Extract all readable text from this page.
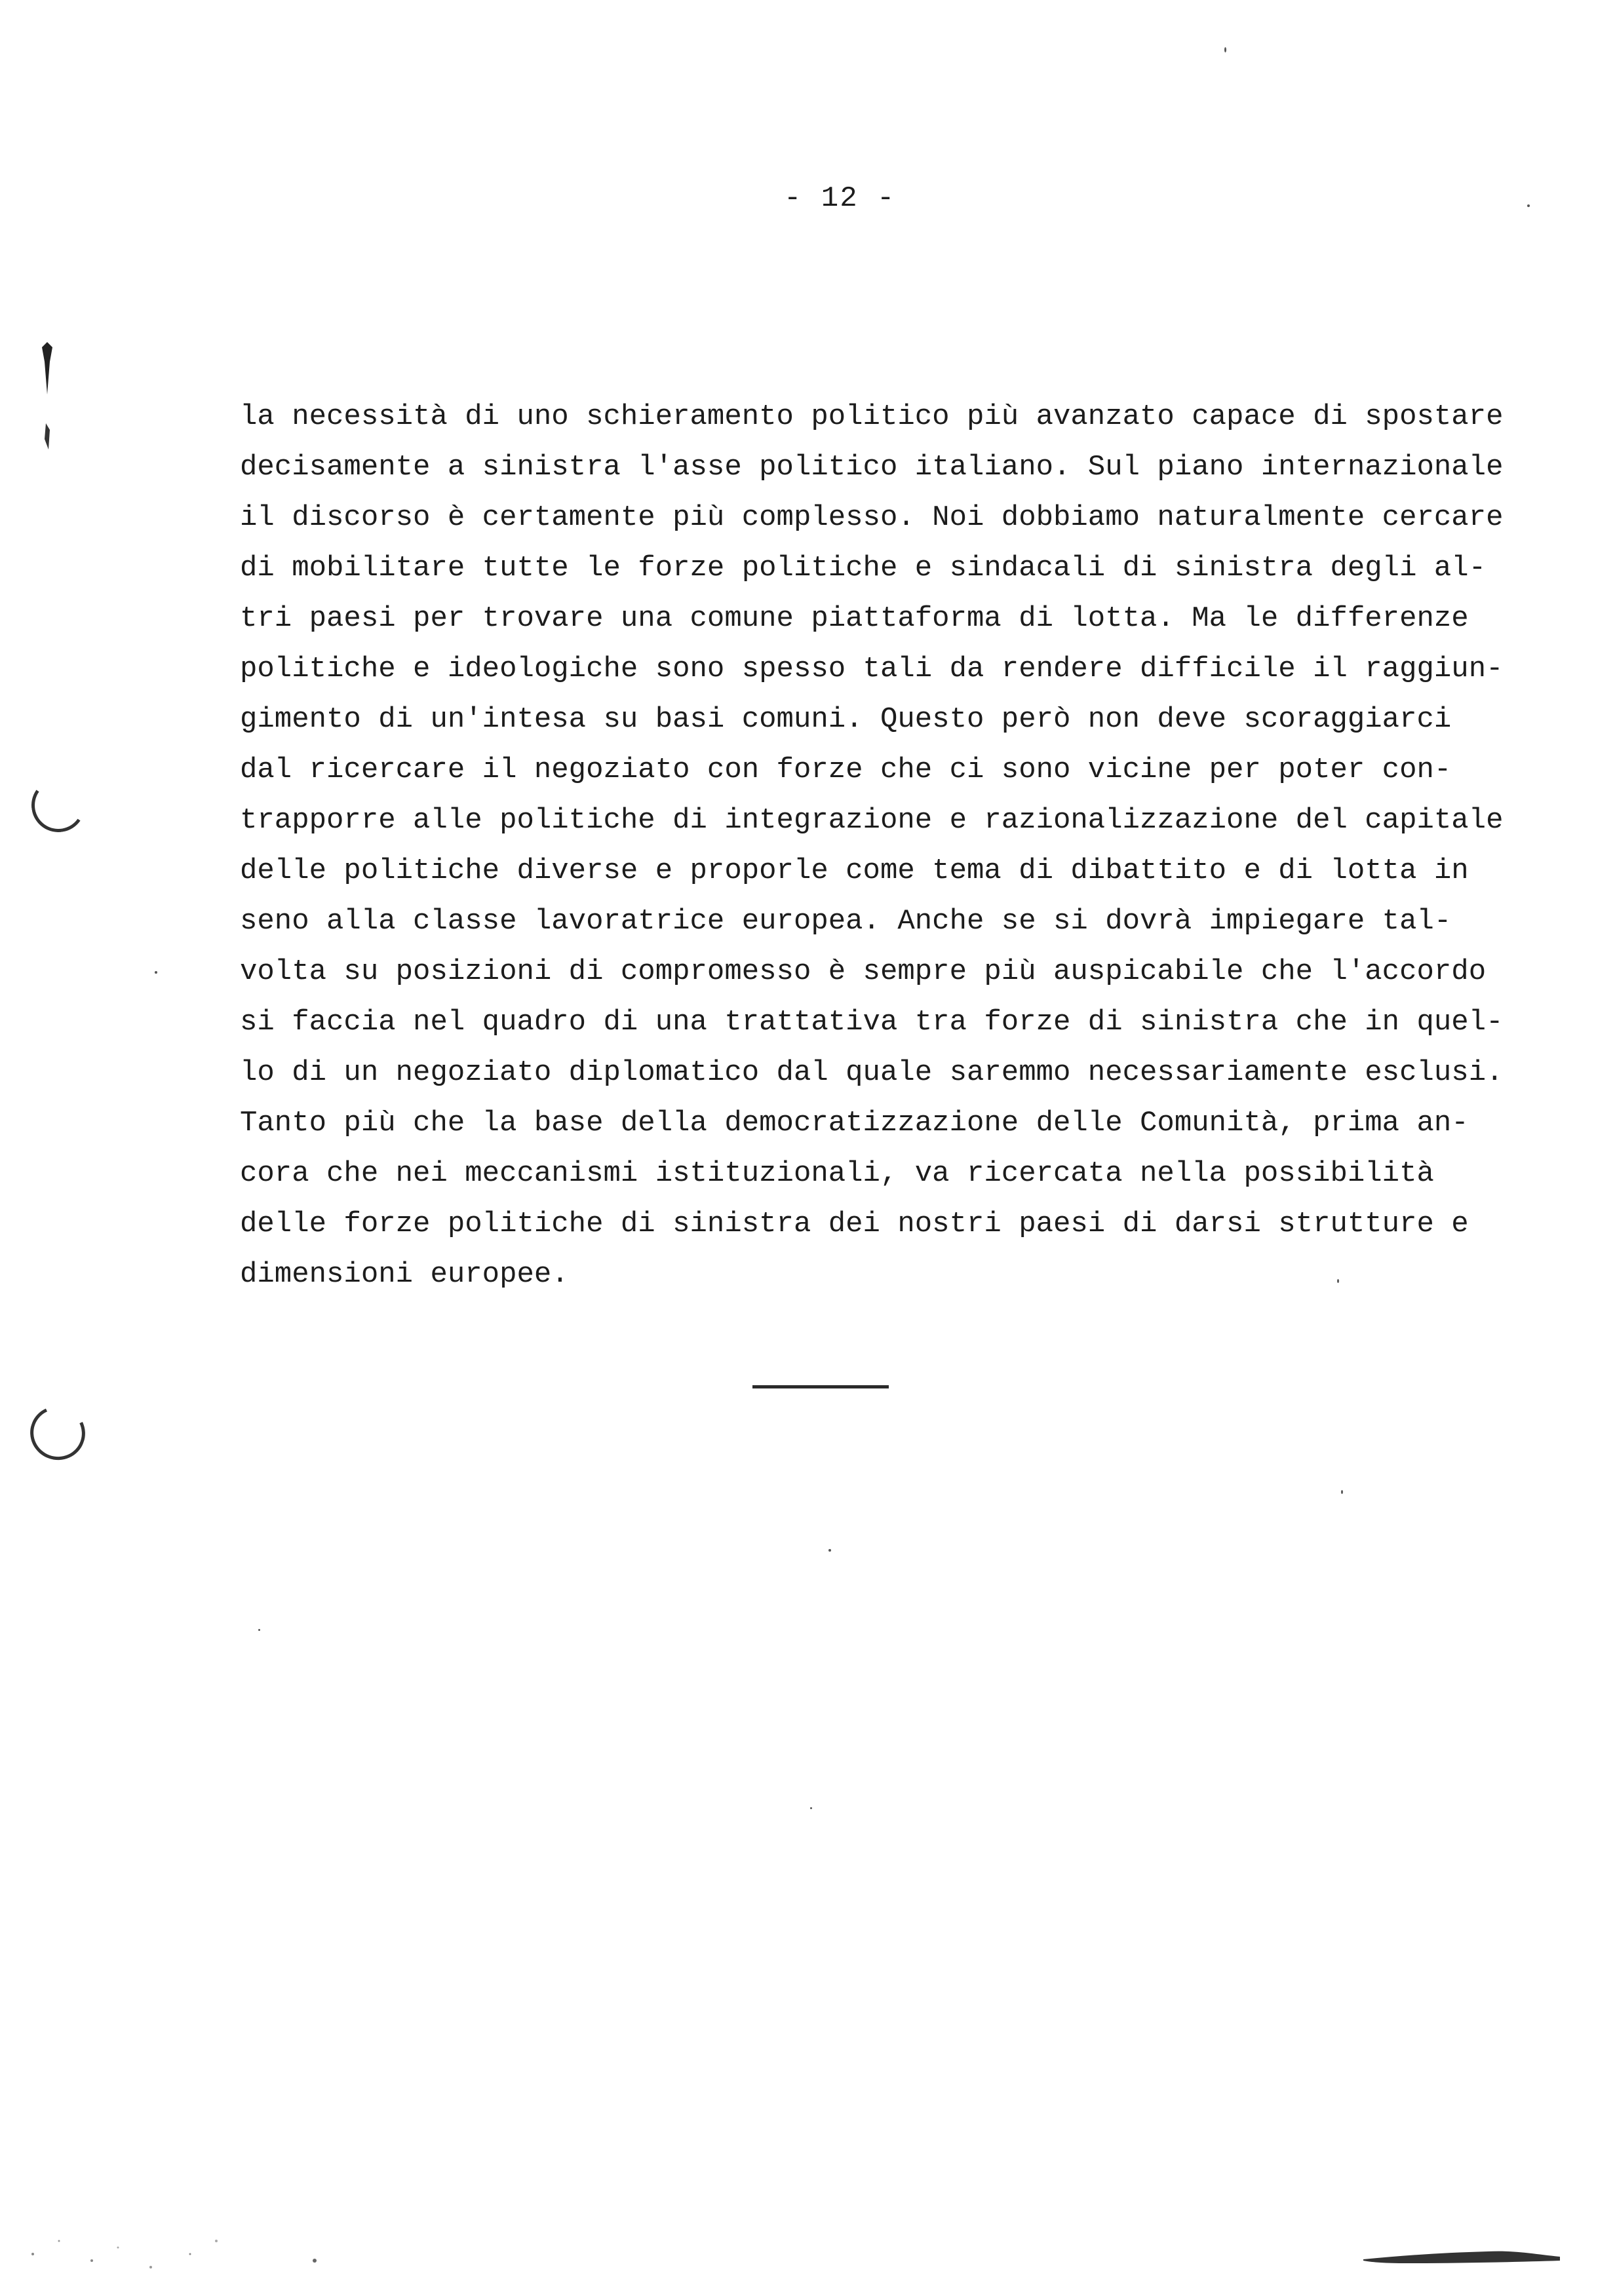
- 12 -
la necessità di uno schieramento politico più avanzato capace di spostare
decisamente a sinistra l'asse politico italiano. Sul piano internazionale
il discorso è certamente più complesso. Noi dobbiamo naturalmente cercare
di mobilitare tutte le forze politiche e sindacali di sinistra degli al-
tri paesi per trovare una comune piattaforma di lotta. Ma le differenze
politiche e ideologiche sono spesso tali da rendere difficile il raggiun-
gimento di un'intesa su basi comuni. Questo però non deve scoraggiarci
dal ricercare il negoziato con forze che ci sono vicine per poter con-
trapporre alle politiche di integrazione e razionalizzazione del capitale
delle politiche diverse e proporle come tema di dibattito e di lotta in
seno alla classe lavoratrice europea. Anche se si dovrà impiegare tal-
volta su posizioni di compromesso è sempre più auspicabile che l'accordo
si faccia nel quadro di una trattativa tra forze di sinistra che in quel-
lo di un negoziato diplomatico dal quale saremmo necessariamente esclusi.
Tanto più che la base della democratizzazione delle Comunità, prima an-
cora che nei meccanismi istituzionali, va ricercata nella possibilità
delle forze politiche di sinistra dei nostri paesi di darsi strutture e
dimensioni europee.
